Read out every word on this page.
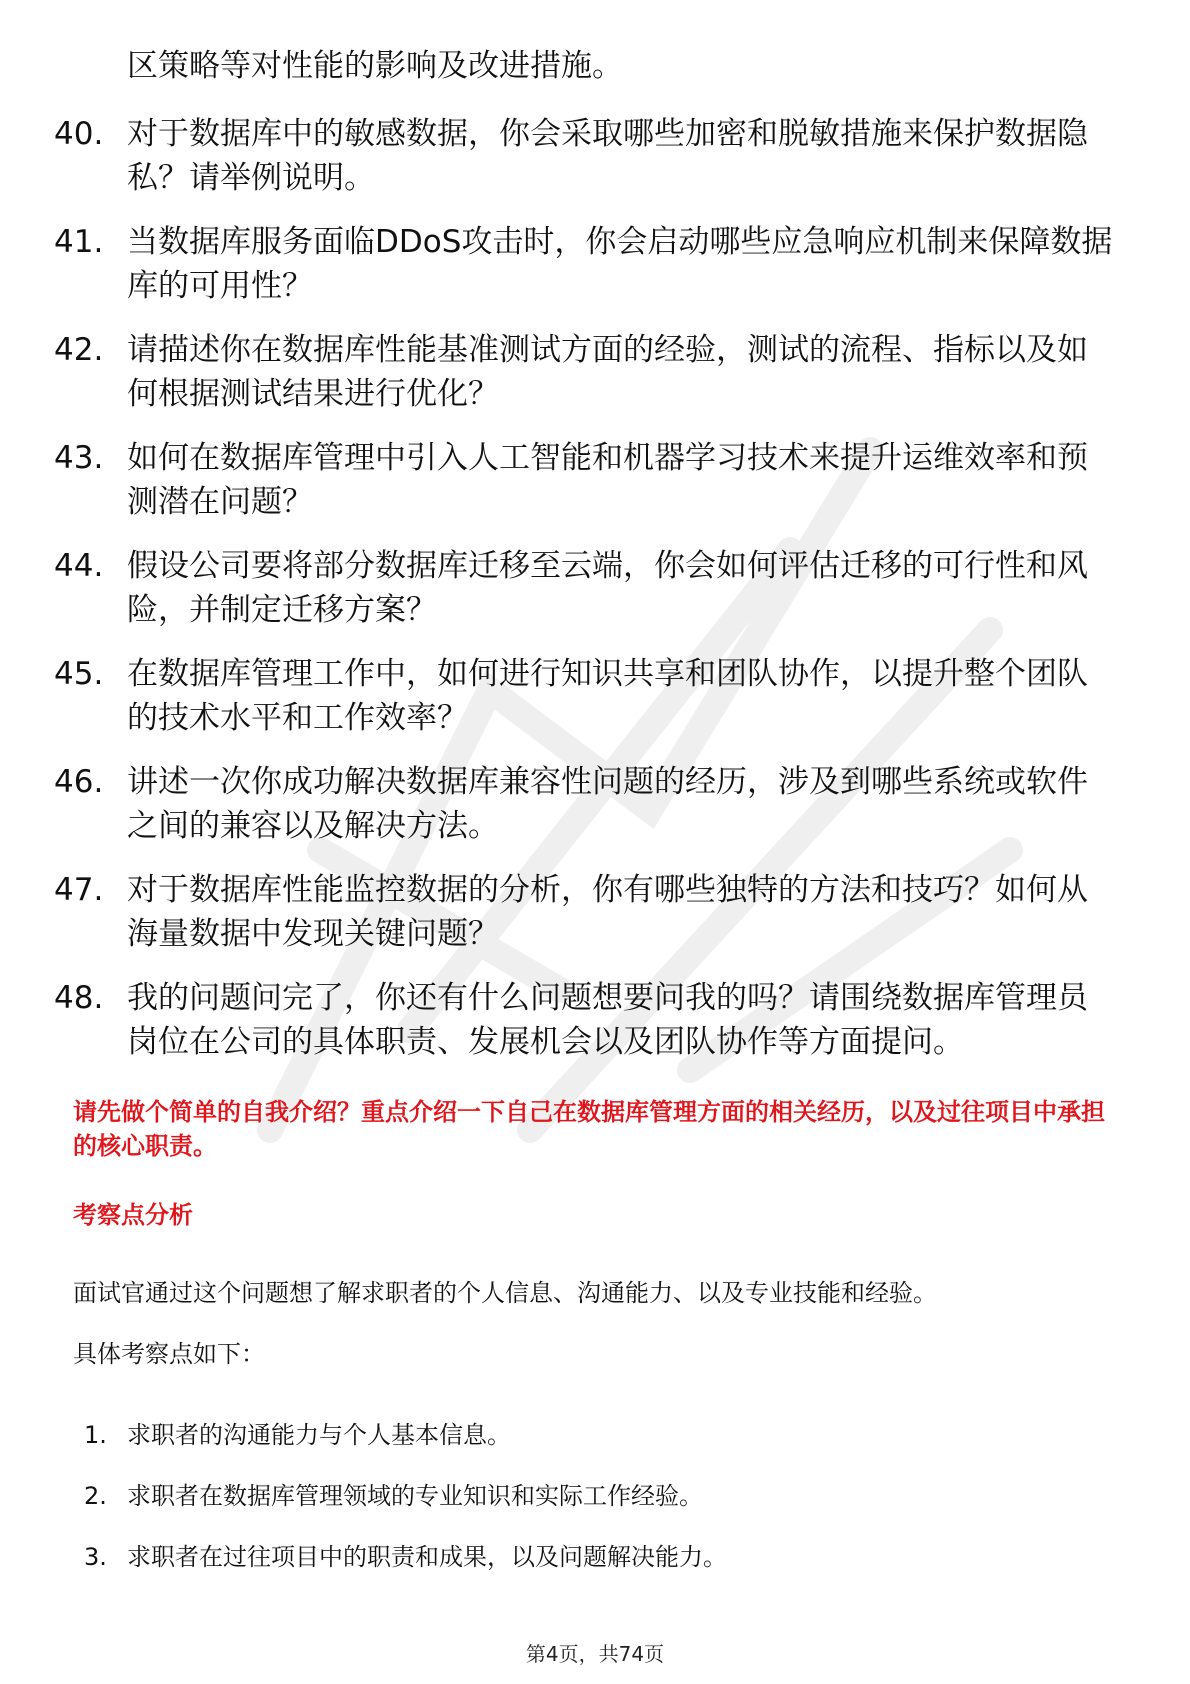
区策略等对性能的影响及改进措施。
40. 对于数据库中的敏感数据，你会采取哪些加密和脱敏措施来保护数据隐私？请举例说明。
41. 当数据库服务面临DDoS攻击时，你会启动哪些应急响应机制来保障数据库的可用性？
42. 请描述你在数据库性能基准测试方面的经验，测试的流程、指标以及如何根据测试结果进行优化？
43. 如何在数据库管理中引入人工智能和机器学习技术来提升运维效率和预测潜在问题？
44. 假设公司要将部分数据库迁移至云端，你会如何评估迁移的可行性和风险，并制定迁移方案？
45. 在数据库管理工作中，如何进行知识共享和团队协作，以提升整个团队的技术水平和工作效率？
46. 讲述一次你成功解决数据库兼容性问题的经历，涉及到哪些系统或软件之间的兼容以及解决方法。
47. 对于数据库性能监控数据的分析，你有哪些独特的方法和技巧？如何从海量数据中发现关键问题？
48. 我的问题问完了，你还有什么问题想要问我的吗？请围绕数据库管理员岗位在公司的具体职责、发展机会以及团队协作等方面提问。
请先做个简单的自我介绍？重点介绍一下自己在数据库管理方面的相关经历，以及过往项目中承担的核心职责。
考察点分析
面试官通过这个问题想了解求职者的个人信息、沟通能力、以及专业技能和经验。
具体考察点如下：
1. 求职者的沟通能力与个人基本信息。
2. 求职者在数据库管理领域的专业知识和实际工作经验。
3. 求职者在过往项目中的职责和成果，以及问题解决能力。
第4页，共74页
